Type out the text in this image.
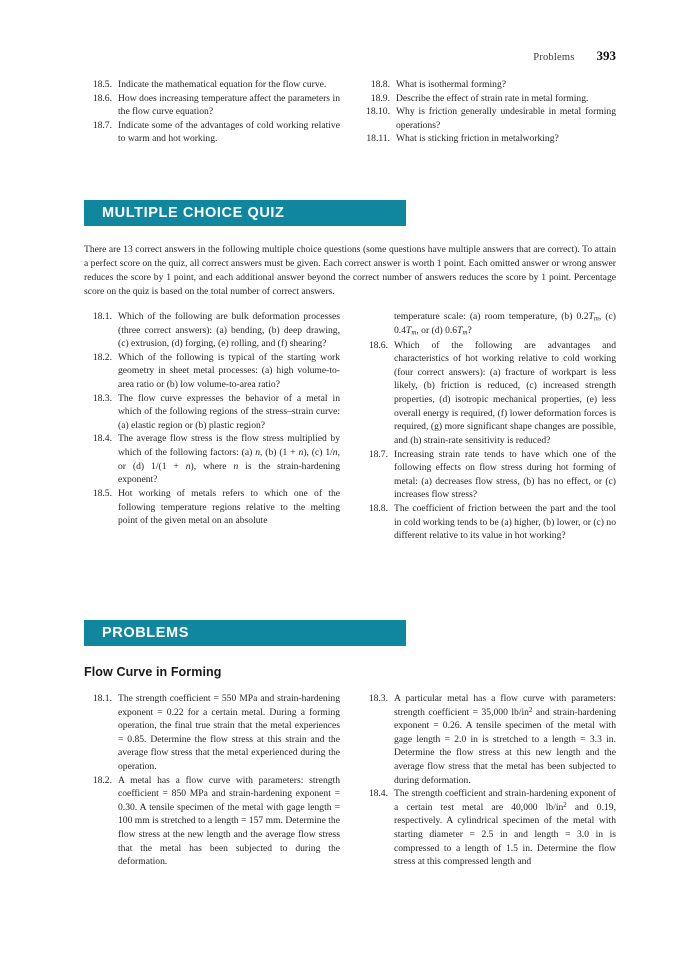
Problems 393
18.5. Indicate the mathematical equation for the flow curve.
18.6. How does increasing temperature affect the parameters in the flow curve equation?
18.7. Indicate some of the advantages of cold working relative to warm and hot working.
18.8. What is isothermal forming?
18.9. Describe the effect of strain rate in metal forming.
18.10. Why is friction generally undesirable in metal forming operations?
18.11. What is sticking friction in metalworking?
MULTIPLE CHOICE QUIZ
There are 13 correct answers in the following multiple choice questions (some questions have multiple answers that are correct). To attain a perfect score on the quiz, all correct answers must be given. Each correct answer is worth 1 point. Each omitted answer or wrong answer reduces the score by 1 point, and each additional answer beyond the correct number of answers reduces the score by 1 point. Percentage score on the quiz is based on the total number of correct answers.
18.1. Which of the following are bulk deformation processes (three correct answers): (a) bending, (b) deep drawing, (c) extrusion, (d) forging, (e) rolling, and (f) shearing?
18.2. Which of the following is typical of the starting work geometry in sheet metal processes: (a) high volume-to-area ratio or (b) low volume-to-area ratio?
18.3. The flow curve expresses the behavior of a metal in which of the following regions of the stress–strain curve: (a) elastic region or (b) plastic region?
18.4. The average flow stress is the flow stress multiplied by which of the following factors: (a) n, (b) (1 + n), (c) 1/n, or (d) 1/(1 + n), where n is the strain-hardening exponent?
18.5. Hot working of metals refers to which one of the following temperature regions relative to the melting point of the given metal on an absolute
temperature scale: (a) room temperature, (b) $0.2T_m$, (c) $0.4T_m$, or (d) $0.6T_m$?
18.6. Which of the following are advantages and characteristics of hot working relative to cold working (four correct answers): (a) fracture of workpart is less likely, (b) friction is reduced, (c) increased strength properties, (d) isotropic mechanical properties, (e) less overall energy is required, (f) lower deformation forces is required, (g) more significant shape changes are possible, and (h) strain-rate sensitivity is reduced?
18.7. Increasing strain rate tends to have which one of the following effects on flow stress during hot forming of metal: (a) decreases flow stress, (b) has no effect, or (c) increases flow stress?
18.8. The coefficient of friction between the part and the tool in cold working tends to be (a) higher, (b) lower, or (c) no different relative to its value in hot working?
PROBLEMS
Flow Curve in Forming
18.1. The strength coefficient = 550 MPa and strain-hardening exponent = 0.22 for a certain metal. During a forming operation, the final true strain that the metal experiences = 0.85. Determine the flow stress at this strain and the average flow stress that the metal experienced during the operation.
18.2. A metal has a flow curve with parameters: strength coefficient = 850 MPa and strain-hardening exponent = 0.30. A tensile specimen of the metal with gage length = 100 mm is stretched to a length = 157 mm. Determine the flow stress at the new length and the average flow stress that the metal has been subjected to during the deformation.
18.3. A particular metal has a flow curve with parameters: strength coefficient = 35,000 $lb/in^2$ and strain-hardening exponent = 0.26. A tensile specimen of the metal with gage length = 2.0 in is stretched to a length = 3.3 in. Determine the flow stress at this new length and the average flow stress that the metal has been subjected to during deformation.
18.4. The strength coefficient and strain-hardening exponent of a certain test metal are 40,000 $lb/in^2$ and 0.19, respectively. A cylindrical specimen of the metal with starting diameter = 2.5 in and length = 3.0 in is compressed to a length of 1.5 in. Determine the flow stress at this compressed length and
